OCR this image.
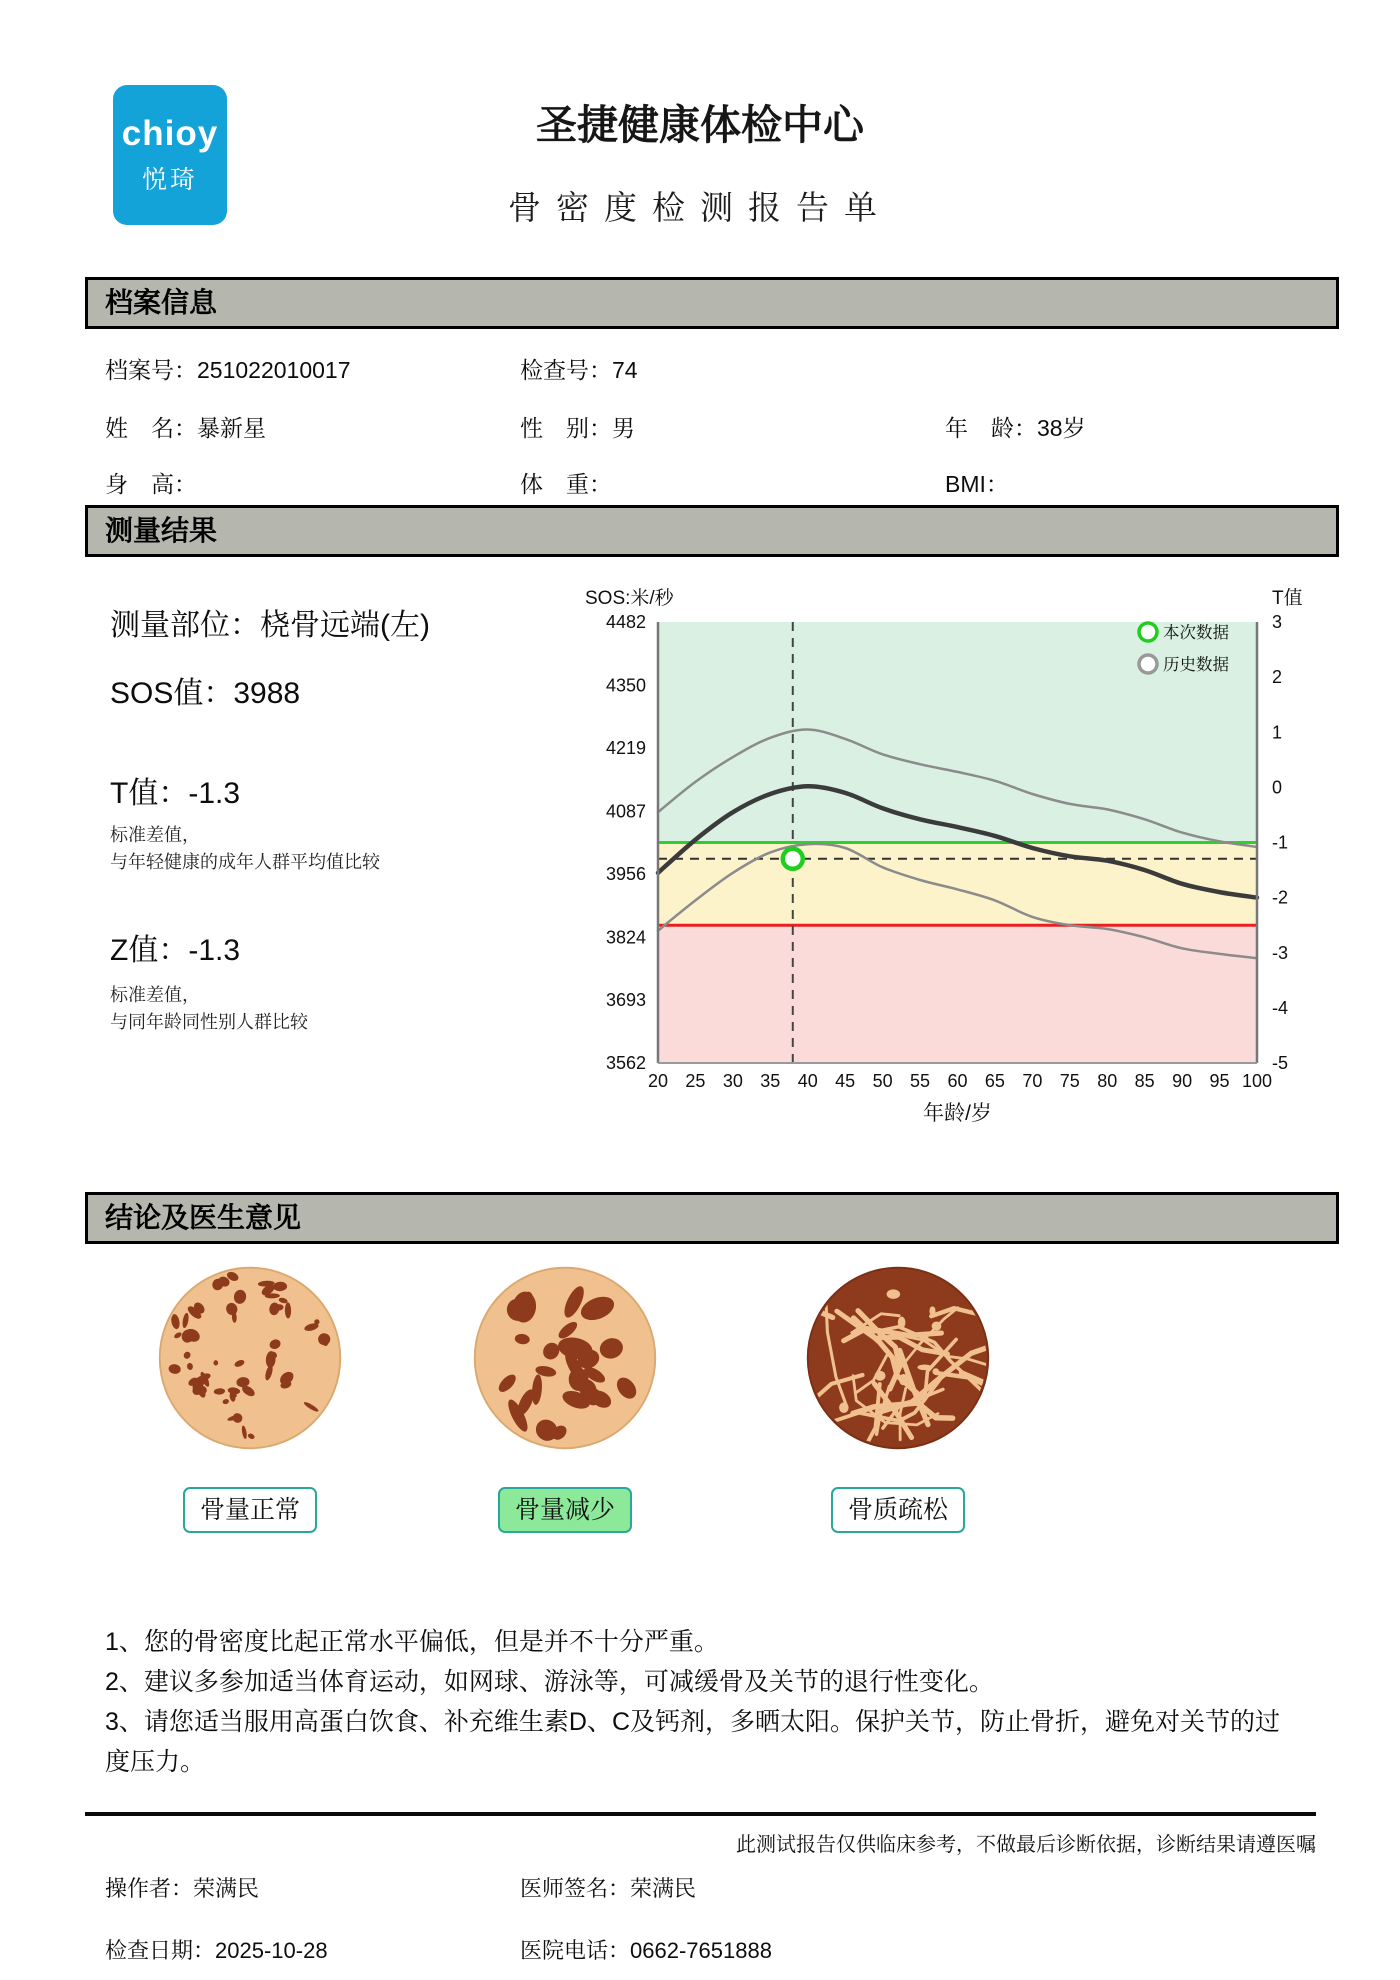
chioy
悦琦
圣捷健康体检中心
骨密度检测报告单
档案信息
档案号：251022010017	检查号：74
姓　名：暴新星	性　别：男	年　龄：38岁
身　高：	体　重：	BMI：
测量结果
测量部位：桡骨远端(左)
SOS值：3988
T值：-1.3
标准差值，
与年轻健康的成年人群平均值比较
Z值：-1.3
标准差值，
与同年龄同性别人群比较
4482
4350
4219
4087
3956
3824
3693
3562
3
2
1
0
-1
-2
-3
-4
-5
20 25 30 35 40 45 50 55 60 65 70 75 80 85 90 95 100
SOS:米/秒	T值
年龄/岁
本次数据
历史数据
结论及医生意见
骨量正常	骨量减少	骨质疏松
1、您的骨密度比起正常水平偏低，但是并不十分严重。
2、建议多参加适当体育运动，如网球、游泳等，可减缓骨及关节的退行性变化。
3、请您适当服用高蛋白饮食、补充维生素D、C及钙剂，多晒太阳。保护关节，防止骨折，避免对关节的过度压力。
此测试报告仅供临床参考，不做最后诊断依据，诊断结果请遵医嘱
操作者：荣满民	医师签名：荣满民
检查日期：2025-10-28	医院电话：0662-7651888
